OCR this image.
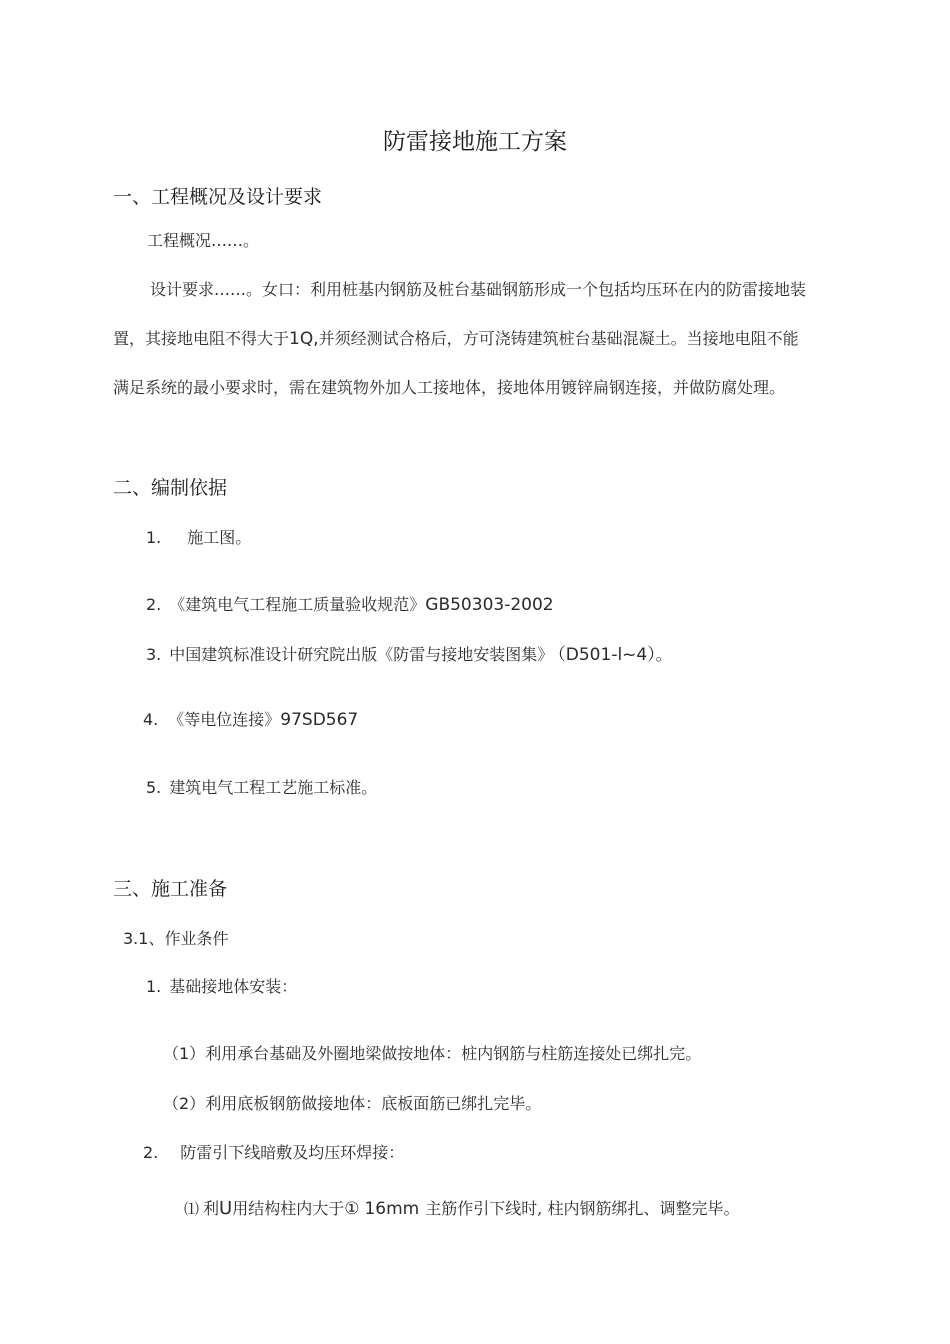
防雷接地施工方案
一、工程概况及设计要求
工程概况……。
设计要求……。女口：利用桩基内钢筋及桩台基础钢筋形成一个包括均压环在内的防雷接地装
置，其接地电阻不得大于1Q,并须经测试合格后，方可浇铸建筑桩台基础混凝土。当接地电阻不能
满足系统的最小要求时，需在建筑物外加人工接地体，接地体用镀锌扁钢连接，并做防腐处理。
二、编制依据
1. 施工图。
2. 《建筑电气工程施工质量验收规范》GB50303-2002
3. 中国建筑标准设计研究院出版《防雷与接地安装图集》 （D501-l~4）。
4. 《等电位连接》97SD567
5. 建筑电气工程工艺施工标准。
三、施工准备
3.1、作业条件
1. 基础接地体安装：
（1）利用承台基础及外圈地梁做按地体：桩内钢筋与柱筋连接处已绑扎完。
（2）利用底板钢筋做接地体：底板面筋已绑扎完毕。
2. 防雷引下线暗敷及均压环焊接：
⑴ 利U用结构柱内大于① 16mm 主筋作引下线时, 柱内钢筋绑扎、调整完毕。
